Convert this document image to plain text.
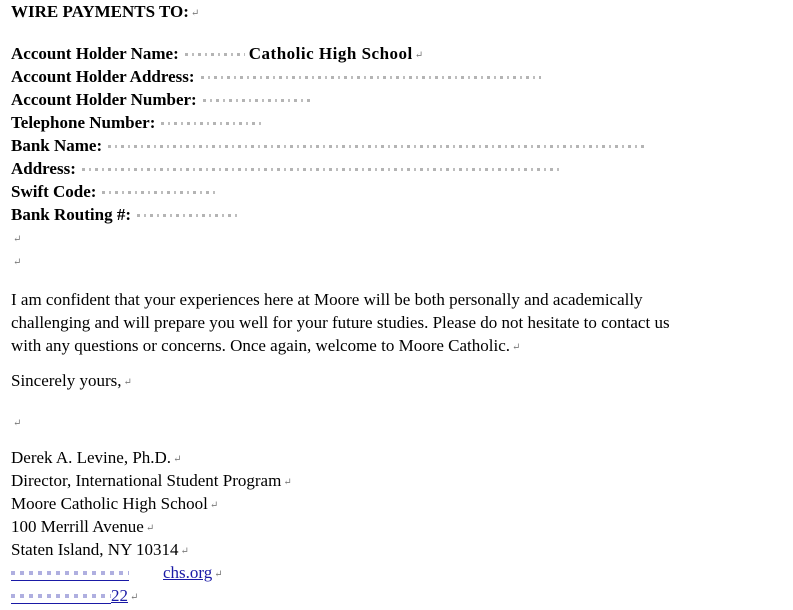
WIRE PAYMENTS TO: ↵
Account Holder Name:	Catholic High School ↵
Account Holder Address:
Account Holder Number:
Telephone Number:
Bank Name:
Address:
Swift Code:
Bank Routing #:
↵
↵
I am confident that your experiences here at Moore will be both personally and academically
challenging and will prepare you well for your future studies. Please do not hesitate to contact us
with any questions or concerns. Once again, welcome to Moore Catholic. ↵
Sincerely yours, ↵
↵
Derek A. Levine, Ph.D. ↵
Director, International Student Program ↵
Moore Catholic High School ↵
100 Merrill Avenue ↵
Staten Island, NY 10314 ↵
chs.org ↵
22 ↵
